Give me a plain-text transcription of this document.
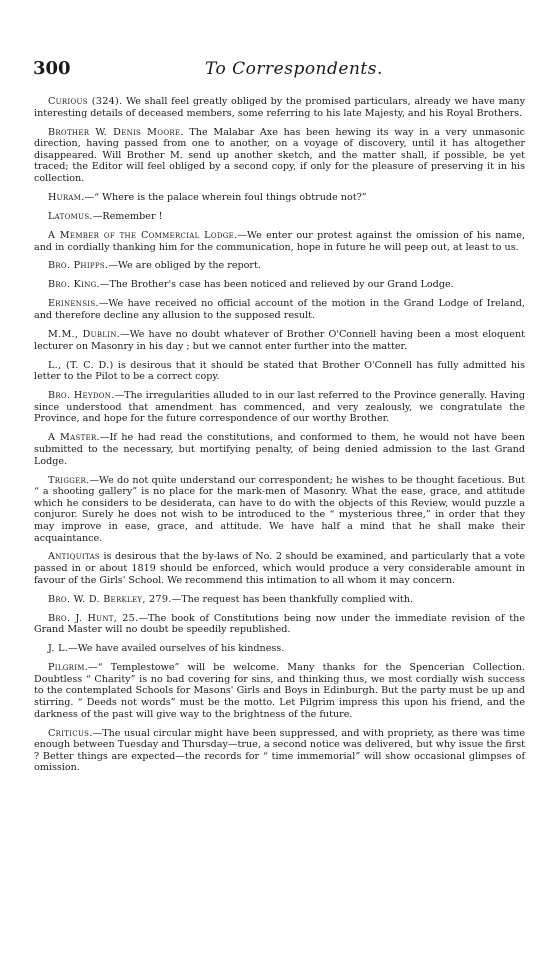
300	To Correspondents.

Curious (324). We shall feel greatly obliged by the promised particulars, already we have many interesting details of deceased members, some referring to his late Majesty, and his Royal Brothers.

Brother W. Denis Moore. The Malabar Axe has been hewing its way in a very unmasonic direction, having passed from one to another, on a voyage of discovery, until it has altogether disappeared. Will Brother M. send up another sketch, and the matter shall, if possible, be yet traced; the Editor will feel obliged by a second copy, if only for the pleasure of preserving it in his collection.

Huram.—“ Where is the palace wherein foul things obtrude not?”

Latomus.—Remember !

A Member of the Commercial Lodge.—We enter our protest against the omission of his name, and in cordially thanking him for the communication, hope in future he will peep out, at least to us.

Bro. Phipps.—We are obliged by the report.

Bro. King.—The Brother's case has been noticed and relieved by our Grand Lodge.

Erinensis.—We have received no official account of the motion in the Grand Lodge of Ireland, and therefore decline any allusion to the supposed result.

M.M., Dublin.—We have no doubt whatever of Brother O'Connell having been a most eloquent lecturer on Masonry in his day ; but we cannot enter further into the matter.

L., (T. C. D.) is desirous that it should be stated that Brother O'Connell has fully admitted his letter to the Pilot to be a correct copy.

Bro. Heydon.—The irregularities alluded to in our last referred to the Province generally. Having since understood that amendment has commenced, and very zealously, we congratulate the Province, and hope for the future correspondence of our worthy Brother.

A Master.—If he had read the constitutions, and conformed to them, he would not have been submitted to the necessary, but mortifying penalty, of being denied admission to the last Grand Lodge.

Trigger.—We do not quite understand our correspondent; he wishes to be thought facetious. But “ a shooting gallery” is no place for the mark-men of Masonry. What the ease, grace, and attitude which he considers to be desiderata, can have to do with the objects of this Review, would puzzle a conjuror. Surely he does not wish to be introduced to the “ mysterious three,” in order that they may improve in ease, grace, and attitude. We have half a mind that he shall make their acquaintance.

Antiquitas is desirous that the by-laws of No. 2 should be examined, and particularly that a vote passed in or about 1819 should be enforced, which would produce a very considerable amount in favour of the Girls' School. We recommend this intimation to all whom it may concern.

Bro. W. D. Berkley, 279.—The request has been thankfully complied with.

Bro. J. Hunt, 25.—The book of Constitutions being now under the immediate revision of the Grand Master will no doubt be speedily republished.

J. L.—We have availed ourselves of his kindness.

Pilgrim.—“ Templestowe” will be welcome. Many thanks for the Spencerian Collection. Doubtless “ Charity” is no bad covering for sins, and thinking thus, we most cordially wish success to the contemplated Schools for Masons' Girls and Boys in Edinburgh. But the party must be up and stirring. “ Deeds not words” must be the motto. Let Pilgrim impress this upon his friend, and the darkness of the past will give way to the brightness of the future.

Criticus.—The usual circular might have been suppressed, and with propriety, as there was time enough between Tuesday and Thursday—true, a second notice was delivered, but why issue the first ? Better things are expected—the records for “ time immemorial” will show occasional glimpses of omission.
